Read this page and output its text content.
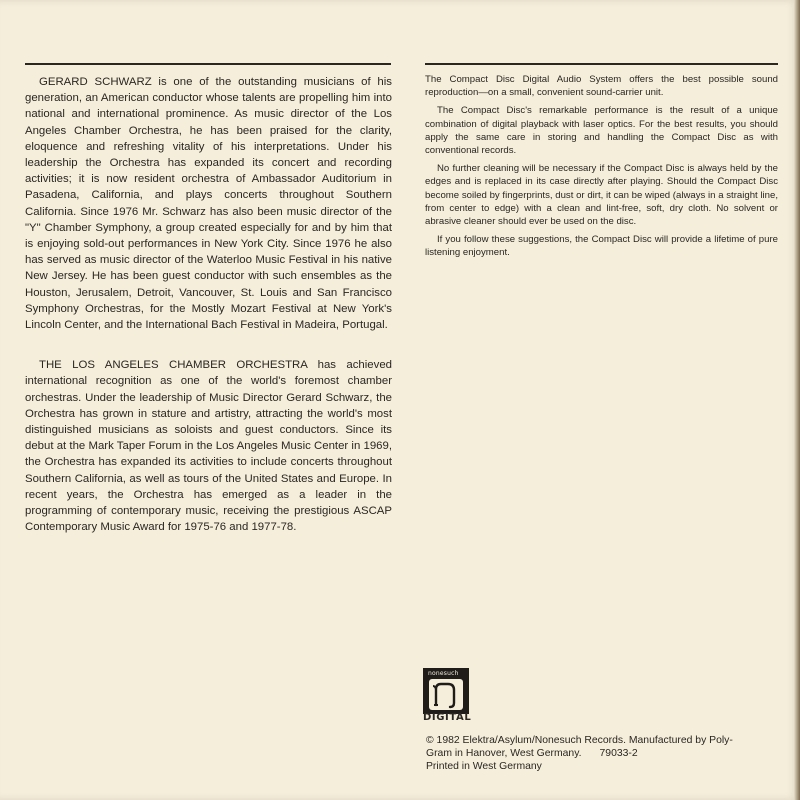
GERARD SCHWARZ is one of the outstanding musicians of his generation, an American conductor whose talents are propelling him into national and international prominence. As music director of the Los Angeles Chamber Orchestra, he has been praised for the clarity, eloquence and refreshing vitality of his interpretations. Under his leadership the Orchestra has expanded its concert and recording activities; it is now resident orchestra of Ambassador Auditorium in Pasadena, California, and plays concerts throughout Southern California. Since 1976 Mr. Schwarz has also been music director of the "Y" Chamber Symphony, a group created especially for and by him that is enjoying sold-out performances in New York City. Since 1976 he also has served as music director of the Waterloo Music Festival in his native New Jersey. He has been guest conductor with such ensembles as the Houston, Jerusalem, Detroit, Vancouver, St. Louis and San Francisco Symphony Orchestras, for the Mostly Mozart Festival at New York's Lincoln Center, and the International Bach Festival in Madeira, Portugal.

THE LOS ANGELES CHAMBER ORCHESTRA has achieved international recognition as one of the world's foremost chamber orchestras. Under the leadership of Music Director Gerard Schwarz, the Orchestra has grown in stature and artistry, attracting the world's most distinguished musicians as soloists and guest conductors. Since its debut at the Mark Taper Forum in the Los Angeles Music Center in 1969, the Orchestra has expanded its activities to include concerts throughout Southern California, as well as tours of the United States and Europe. In recent years, the Orchestra has emerged as a leader in the programming of contemporary music, receiving the prestigious ASCAP Contemporary Music Award for 1975-76 and 1977-78.

The Compact Disc Digital Audio System offers the best possible sound reproduction—on a small, convenient sound-carrier unit.

The Compact Disc's remarkable performance is the result of a unique combination of digital playback with laser optics. For the best results, you should apply the same care in storing and handling the Compact Disc as with conventional records.

No further cleaning will be necessary if the Compact Disc is always held by the edges and is replaced in its case directly after playing. Should the Compact Disc become soiled by fingerprints, dust or dirt, it can be wiped (always in a straight line, from center to edge) with a clean and lint-free, soft, dry cloth. No solvent or abrasive cleaner should ever be used on the disc.

If you follow these suggestions, the Compact Disc will provide a lifetime of pure listening enjoyment.

nonesuch
DIGITAL
© 1982 Elektra/Asylum/Nonesuch Records. Manufactured by Poly-
Gram in Hanover, West Germany. 79033-2
Printed in West Germany
